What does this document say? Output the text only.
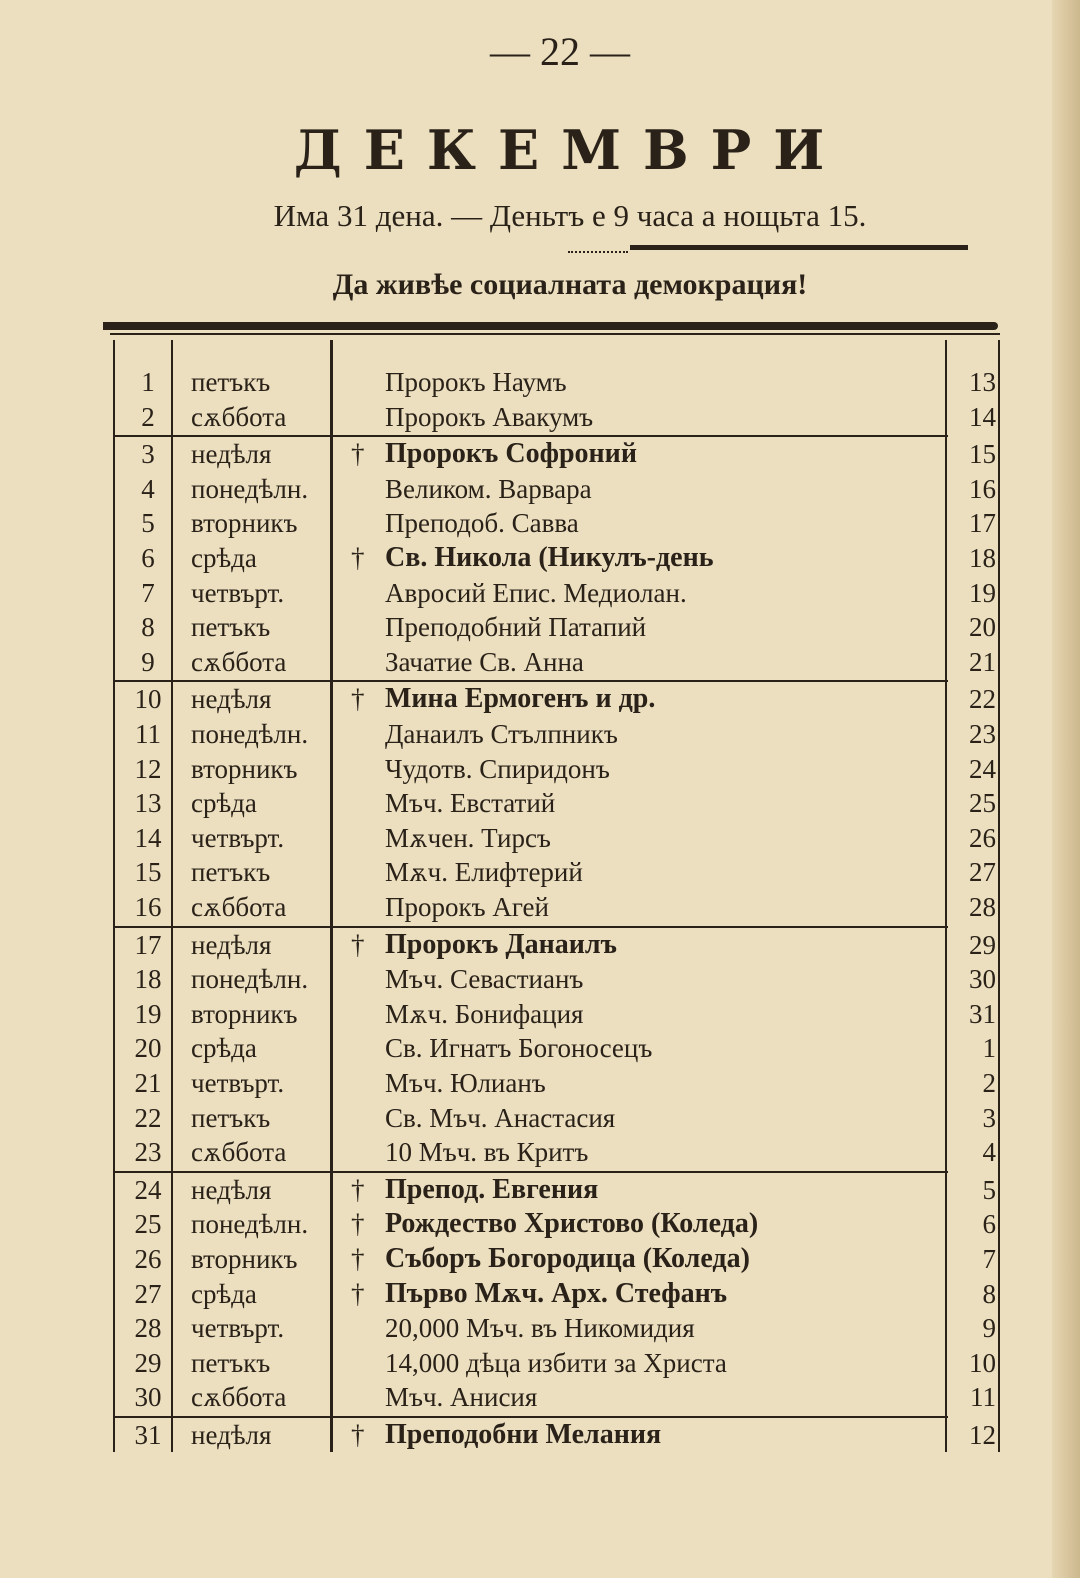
— 22 —
ДЕКЕМВРИ
Има 31 дена. — Деньтъ е 9 часа а нощьта 15.
Да живѣе социалната демокрация!
1	петъкъ	Пророкъ Наумъ	13
2	сѫббота	Пророкъ Авакумъ	14
3	недѣля	† Пророкъ Софроний	15
4	понедѣлн.	Великом. Варвара	16
5	вторникъ	Преподоб. Савва	17
6	срѣда	† Св. Никола (Никулъ-день	18
7	четвърт.	Авросий Епис. Медиолан.	19
8	петъкъ	Преподобний Патапий	20
9	сѫббота	Зачатие Св. Анна	21
10	недѣля	† Мина Ермогенъ и др.	22
11	понедѣлн.	Данаилъ Стълпникъ	23
12	вторникъ	Чудотв. Спиридонъ	24
13	срѣда	Мъч. Евстатий	25
14	четвърт.	Мѫчен. Тирсъ	26
15	петъкъ	Мѫч. Елифтерий	27
16	сѫббота	Пророкъ Агей	28
17	недѣля	† Пророкъ Данаилъ	29
18	понедѣлн.	Мъч. Севастианъ	30
19	вторникъ	Мѫч. Бонифация	31
20	срѣда	Св. Игнатъ Богоносецъ	1
21	четвърт.	Мъч. Юлианъ	2
22	петъкъ	Св. Мъч. Анастасия	3
23	сѫббота	10 Мъч. въ Критъ	4
24	недѣля	† Препод. Евгения	5
25	понедѣлн. † Рождество Христово (Коледа)	6
26	вторникъ † Съборъ Богородица (Коледа)	7
27	срѣда	† Първо Мѫч. Арх. Стефанъ	8
28	четвърт.	20,000 Мъч. въ Никомидия	9
29	петъкъ	14,000 дѣца избити за Христа	10
30	сѫббота	Мъч. Анисия	11
31	недѣля	† Преподобни Мелания	12
